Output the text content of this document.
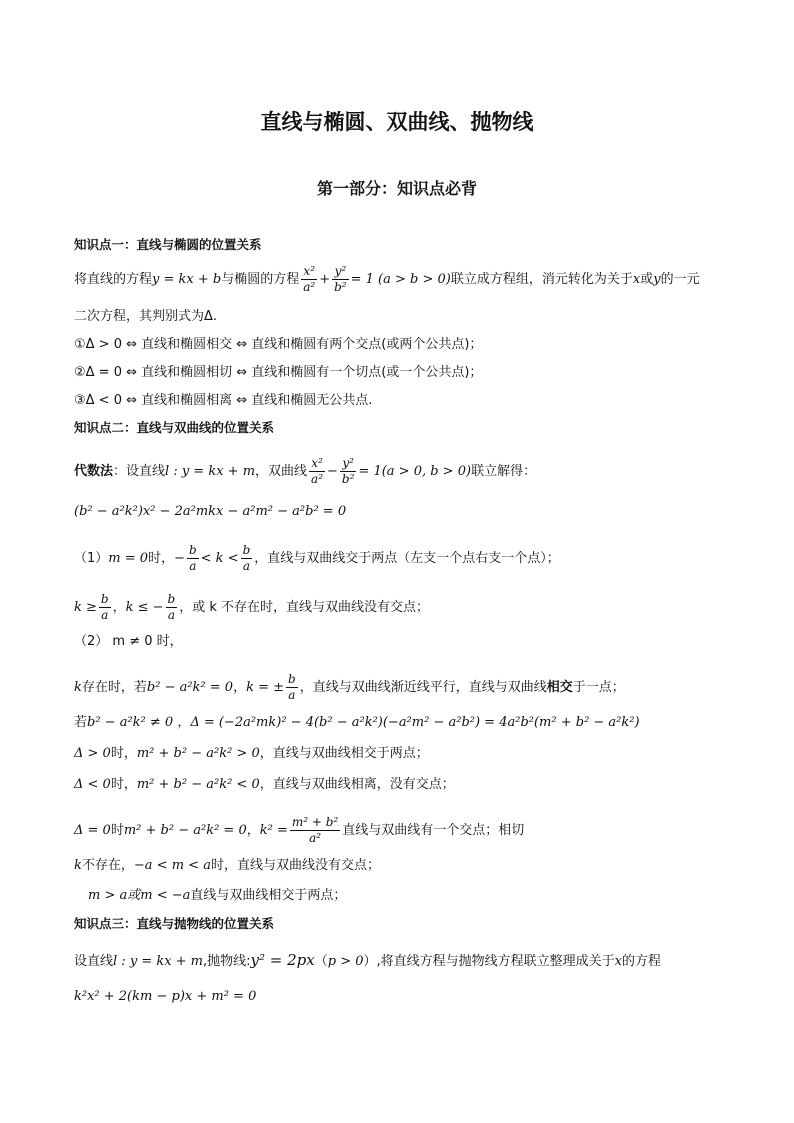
直线与椭圆、双曲线、抛物线
第一部分：知识点必背
知识点一：直线与椭圆的位置关系
将直线的方程y = kx + b与椭圆的方程 $\frac{\text{x²}}{\text{a²}} + \frac{\text{y²}}{\text{b²}} = 1$ (a > b > 0)联立成方程组，消元转化为关于x或y的一元
二次方程，其判别式为Δ.
①Δ > 0 ⇔ 直线和椭圆相交 ⇔ 直线和椭圆有两个交点(或两个公共点)；
②Δ = 0 ⇔ 直线和椭圆相切 ⇔ 直线和椭圆有一个切点(或一个公共点)；
③Δ < 0 ⇔ 直线和椭圆相离 ⇔ 直线和椭圆无公共点.
知识点二：直线与双曲线的位置关系
代数法：设直线l : y = kx + m，双曲线 $\frac{\text{x²}}{\text{a²}} - \frac{\text{y²}}{\text{b²}} = 1(a > 0$, b > 0)联立解得：
(b² − a²k²)x² − 2a²mkx − a²m² − a²b² = 0
（1）m = 0时，− $\frac{b}{a} < k < \frac{b}{a}$ ，直线与双曲线交于两点（左支一个点右支一个点）；
$k \ge \frac{b}{a}$ ，k ≤ − $\frac{b}{a}$ ，或 k 不存在时，直线与双曲线没有交点；
（2） m ≠ 0 时，
k存在时，若b² − a²k² = 0，k = ± $\frac{b}{a}$ ，直线与双曲线渐近线平行，直线与双曲线相交于一点；
若b² − a²k² ≠ 0 ，Δ = (−2a²mk)² − 4(b² − a²k²)(−a²m² − a²b²) = 4a²b²(m² + b² − a²k²)
Δ > 0时，m² + b² − a²k² > 0，直线与双曲线相交于两点；
Δ < 0时，m² + b² − a²k² < 0，直线与双曲线相离，没有交点；
Δ = 0时m² + b² − a²k² = 0，$k^2 = \frac{\text{m² + b²}}{\text{a²}}$ 直线与双曲线有一个交点；相切
k不存在，−a < m < a时，直线与双曲线没有交点；
m > a或m < −a直线与双曲线相交于两点；
知识点三：直线与抛物线的位置关系
设直线l : y = kx + m,抛物线:y² = 2px（p > 0）,将直线方程与抛物线方程联立整理成关于x的方程
k²x² + 2(km − p)x + m² = 0
